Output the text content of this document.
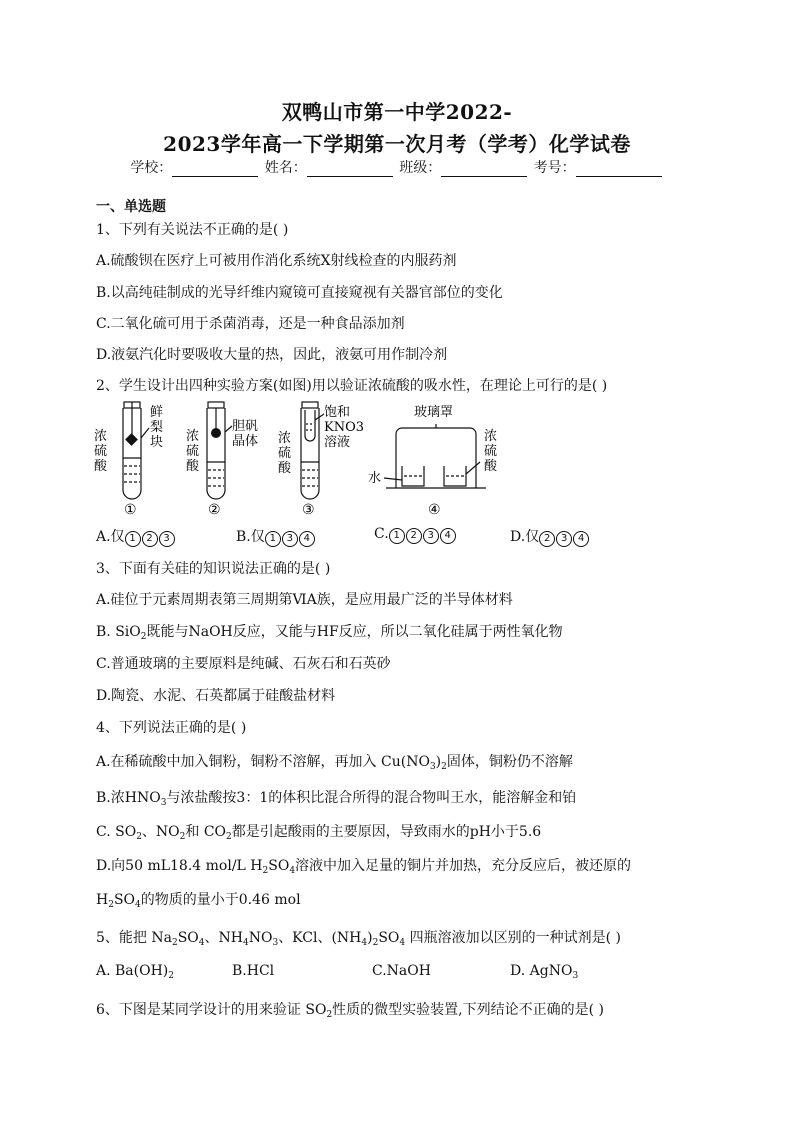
双鸭山市第一中学2022-
2023学年高一下学期第一次月考（学考）化学试卷
学校：	姓名：	班级：	考号：
一、单选题
1、下列有关说法不正确的是( )
A.硫酸钡在医疗上可被用作消化系统X射线检查的内服药剂
B.以高纯硅制成的光导纤维内窥镜可直接窥视有关器官部位的变化
C.二氧化硫可用于杀菌消毒，还是一种食品添加剂
D.液氨汽化时要吸收大量的热，因此，液氨可用作制冷剂
2、学生设计出四种实验方案(如图)用以验证浓硫酸的吸水性，在理论上可行的是( )
浓硫酸
鲜梨块 浓硫酸
胆矾晶体 浓硫酸
饱和 KNO3 溶液
玻璃罩
水
浓硫酸
①	②	③	④
A.仅 1 2 3	B.仅 1 3 4	C. 1 2 3 4	D.仅 2 3 4
3、下面有关硅的知识说法正确的是( )
A.硅位于元素周期表第三周期第ⅥA族，是应用最广泛的半导体材料
B. SiO$_2$既能与NaOH反应，又能与HF反应，所以二氧化硅属于两性氧化物
C.普通玻璃的主要原料是纯碱、石灰石和石英砂
D.陶瓷、水泥、石英都属于硅酸盐材料
4、下列说法正确的是( )
A.在稀硫酸中加入铜粉，铜粉不溶解，再加入 $Cu(NO_3)_2$固体，铜粉仍不溶解
B.浓$HNO_3$与浓盐酸按3：1的体积比混合所得的混合物叫王水，能溶解金和铂
C. $SO_2$、$NO_2$和 $CO_2$都是引起酸雨的主要原因，导致雨水的pH小于5.6
D.向50 mL18.4 mol/L $H_2SO_4$溶液中加入足量的铜片并加热，充分反应后，被还原的
$H_2SO_4$的物质的量小于0.46 mol
5、能把 $Na_2SO_4$、$NH_4NO_3$、KCl、$(NH_4)_2SO_4$ 四瓶溶液加以区别的一种试剂是( )
A. $Ba(OH)_2$	B.HCl	C.NaOH	D. AgNO$_3$
6、下图是某同学设计的用来验证 $SO_2$性质的微型实验装置,下列结论不正确的是( )
